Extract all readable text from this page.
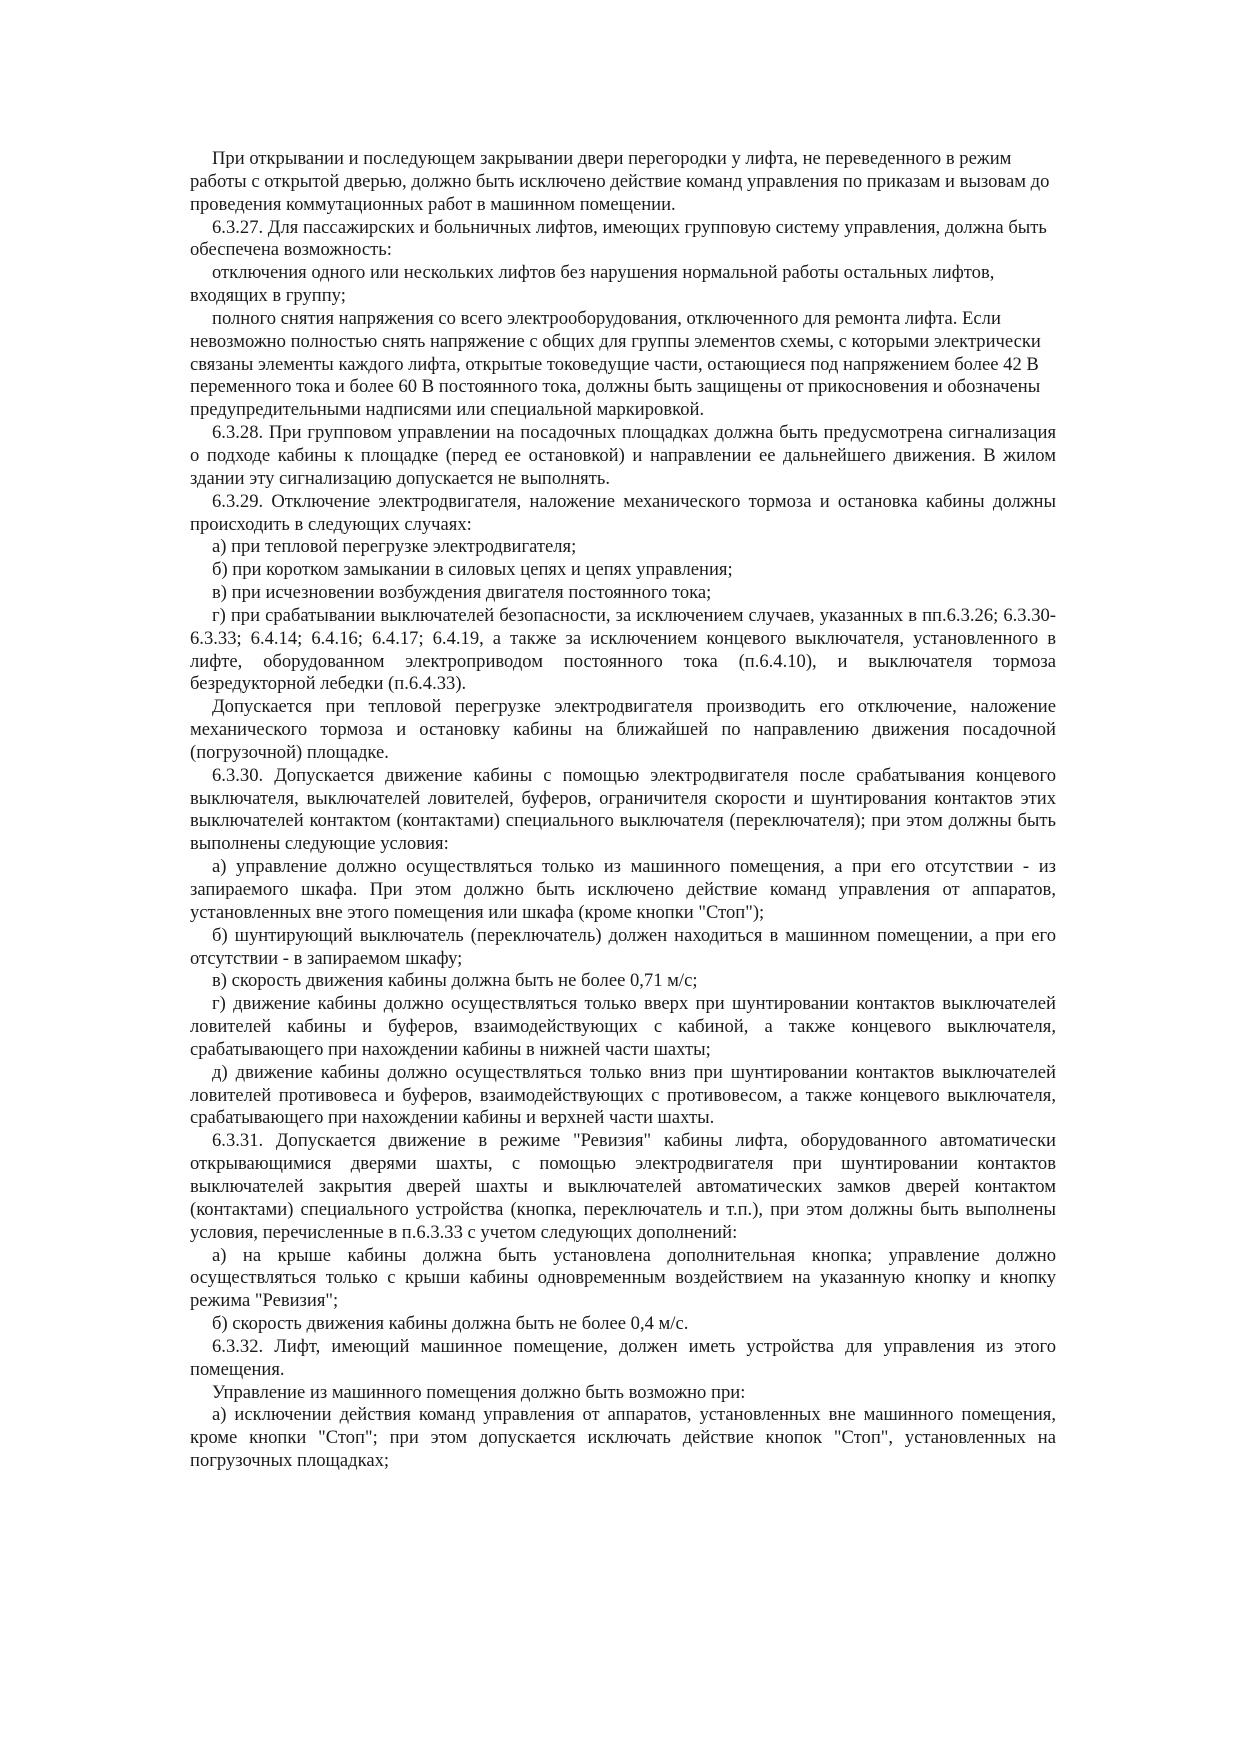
При открывании и последующем закрывании двери перегородки у лифта, не переведенного в режим работы с открытой дверью, должно быть исключено действие команд управления по приказам и вызовам до проведения коммутационных работ в машинном помещении.

6.3.27. Для пассажирских и больничных лифтов, имеющих групповую систему управления, должна быть обеспечена возможность:

отключения одного или нескольких лифтов без нарушения нормальной работы остальных лифтов, входящих в группу;

полного снятия напряжения со всего электрооборудования, отключенного для ремонта лифта. Если невозможно полностью снять напряжение с общих для группы элементов схемы, с которыми электрически связаны элементы каждого лифта, открытые токоведущие части, остающиеся под напряжением более 42 В переменного тока и более 60 В постоянного тока, должны быть защищены от прикосновения и обозначены предупредительными надписями или специальной маркировкой.

6.3.28. При групповом управлении на посадочных площадках должна быть предусмотрена сигнализация о подходе кабины к площадке (перед ее остановкой) и направлении ее дальнейшего движения. В жилом здании эту сигнализацию допускается не выполнять.

6.3.29. Отключение электродвигателя, наложение механического тормоза и остановка кабины должны происходить в следующих случаях:

а) при тепловой перегрузке электродвигателя;

б) при коротком замыкании в силовых цепях и цепях управления;

в) при исчезновении возбуждения двигателя постоянного тока;

г) при срабатывании выключателей безопасности, за исключением случаев, указанных в пп.6.3.26; 6.3.30-6.3.33; 6.4.14; 6.4.16; 6.4.17; 6.4.19, а также за исключением концевого выключателя, установленного в лифте, оборудованном электроприводом постоянного тока (п.6.4.10), и выключателя тормоза безредукторной лебедки (п.6.4.33).

Допускается при тепловой перегрузке электродвигателя производить его отключение, наложение механического тормоза и остановку кабины на ближайшей по направлению движения посадочной (погрузочной) площадке.

6.3.30. Допускается движение кабины с помощью электродвигателя после срабатывания концевого выключателя, выключателей ловителей, буферов, ограничителя скорости и шунтирования контактов этих выключателей контактом (контактами) специального выключателя (переключателя); при этом должны быть выполнены следующие условия:

а) управление должно осуществляться только из машинного помещения, а при его отсутствии - из запираемого шкафа. При этом должно быть исключено действие команд управления от аппаратов, установленных вне этого помещения или шкафа (кроме кнопки "Стоп");

б) шунтирующий выключатель (переключатель) должен находиться в машинном помещении, а при его отсутствии - в запираемом шкафу;

в) скорость движения кабины должна быть не более 0,71 м/с;

г) движение кабины должно осуществляться только вверх при шунтировании контактов выключателей ловителей кабины и буферов, взаимодействующих с кабиной, а также концевого выключателя, срабатывающего при нахождении кабины в нижней части шахты;

д) движение кабины должно осуществляться только вниз при шунтировании контактов выключателей ловителей противовеса и буферов, взаимодействующих с противовесом, а также концевого выключателя, срабатывающего при нахождении кабины и верхней части шахты.

6.3.31. Допускается движение в режиме "Ревизия" кабины лифта, оборудованного автоматически открывающимися дверями шахты, с помощью электродвигателя при шунтировании контактов выключателей закрытия дверей шахты и выключателей автоматических замков дверей контактом (контактами) специального устройства (кнопка, переключатель и т.п.), при этом должны быть выполнены условия, перечисленные в п.6.3.33 с учетом следующих дополнений:

а) на крыше кабины должна быть установлена дополнительная кнопка; управление должно осуществляться только с крыши кабины одновременным воздействием на указанную кнопку и кнопку режима "Ревизия";

б) скорость движения кабины должна быть не более 0,4 м/с.

6.3.32. Лифт, имеющий машинное помещение, должен иметь устройства для управления из этого помещения.

Управление из машинного помещения должно быть возможно при:

а) исключении действия команд управления от аппаратов, установленных вне машинного помещения, кроме кнопки "Стоп"; при этом допускается исключать действие кнопок "Стоп", установленных на погрузочных площадках;
